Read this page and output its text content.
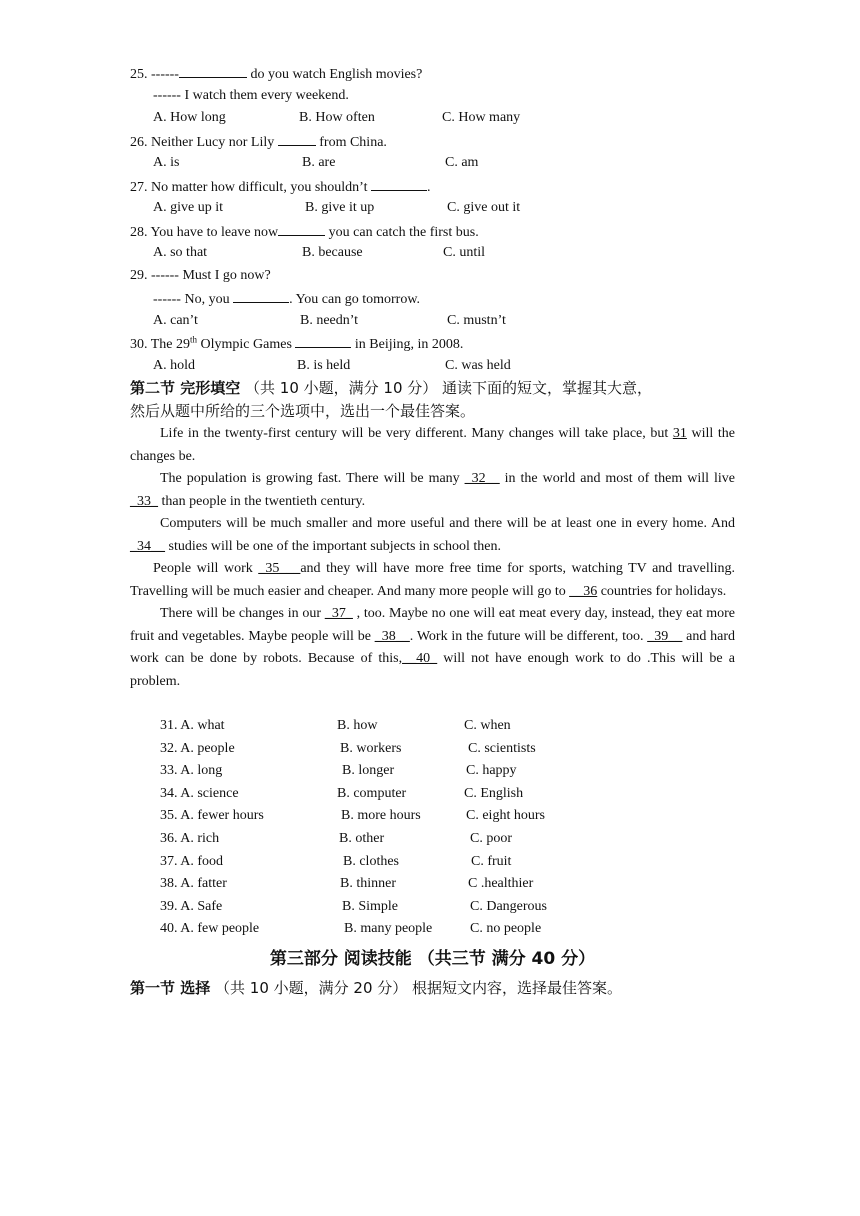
25. ------	do you watch English movies?
------ I watch them every weekend.
A. How long	B. How often	C. How many
26. Neither Lucy nor Lily	from China.
A. is	B. are	C. am
27. No matter how difficult, you shouldn’t	.
A. give up it	B. give it up	C. give out it
28. You have to leave now	you can catch the first bus.
A. so that	B. because	C. until
29. ------ Must I go now?
------ No, you	. You can go tomorrow.
A. can’t	B. needn’t	C. mustn’t
30. The 29th Olympic Games	in Beijing, in 2008.
A. hold	B. is held	C. was held
第二节 完形填空 （共 10 小题，满分 10 分） 通读下面的短文，掌握其大意，
然后从题中所给的三个选项中，选出一个最佳答案。

Life in the twenty-first century will be very different. Many changes will take place, but 31 will the changes be.

The population is growing fast. There will be many _32__ in the world and most of them will live _33_ than people in the twentieth century.

Computers will be much smaller and more useful and there will be at least one in every home. And _34__ studies will be one of the important subjects in school then.

People will work _35___and they will have more free time for sports, watching TV and travelling. Travelling will be much easier and cheaper. And many more people will go to __36 countries for holidays.

There will be changes in our _37_ , too. Maybe no one will eat meat every day, instead, they eat more fruit and vegetables. Maybe people will be _38__. Work in the future will be different, too. _39__ and hard work can be done by robots. Because of this,__40_ will not have enough work to do .This will be a problem.

31. A. what	B. how	C. when
32. A. people	B. workers	C. scientists
33. A. long	B. longer	C. happy
34. A. science	B. computer	C. English
35. A. fewer hours	B. more hours	C. eight hours
36. A. rich	B. other	C. poor
37. A. food	B. clothes	C. fruit
38. A. fatter	B. thinner	C .healthier
39. A. Safe	B. Simple	C. Dangerous
40. A. few people	B. many people	C. no people
第三部分 阅读技能 （共三节 满分 40 分）
第一节 选择 （共 10 小题，满分 20 分） 根据短文内容，选择最佳答案。
